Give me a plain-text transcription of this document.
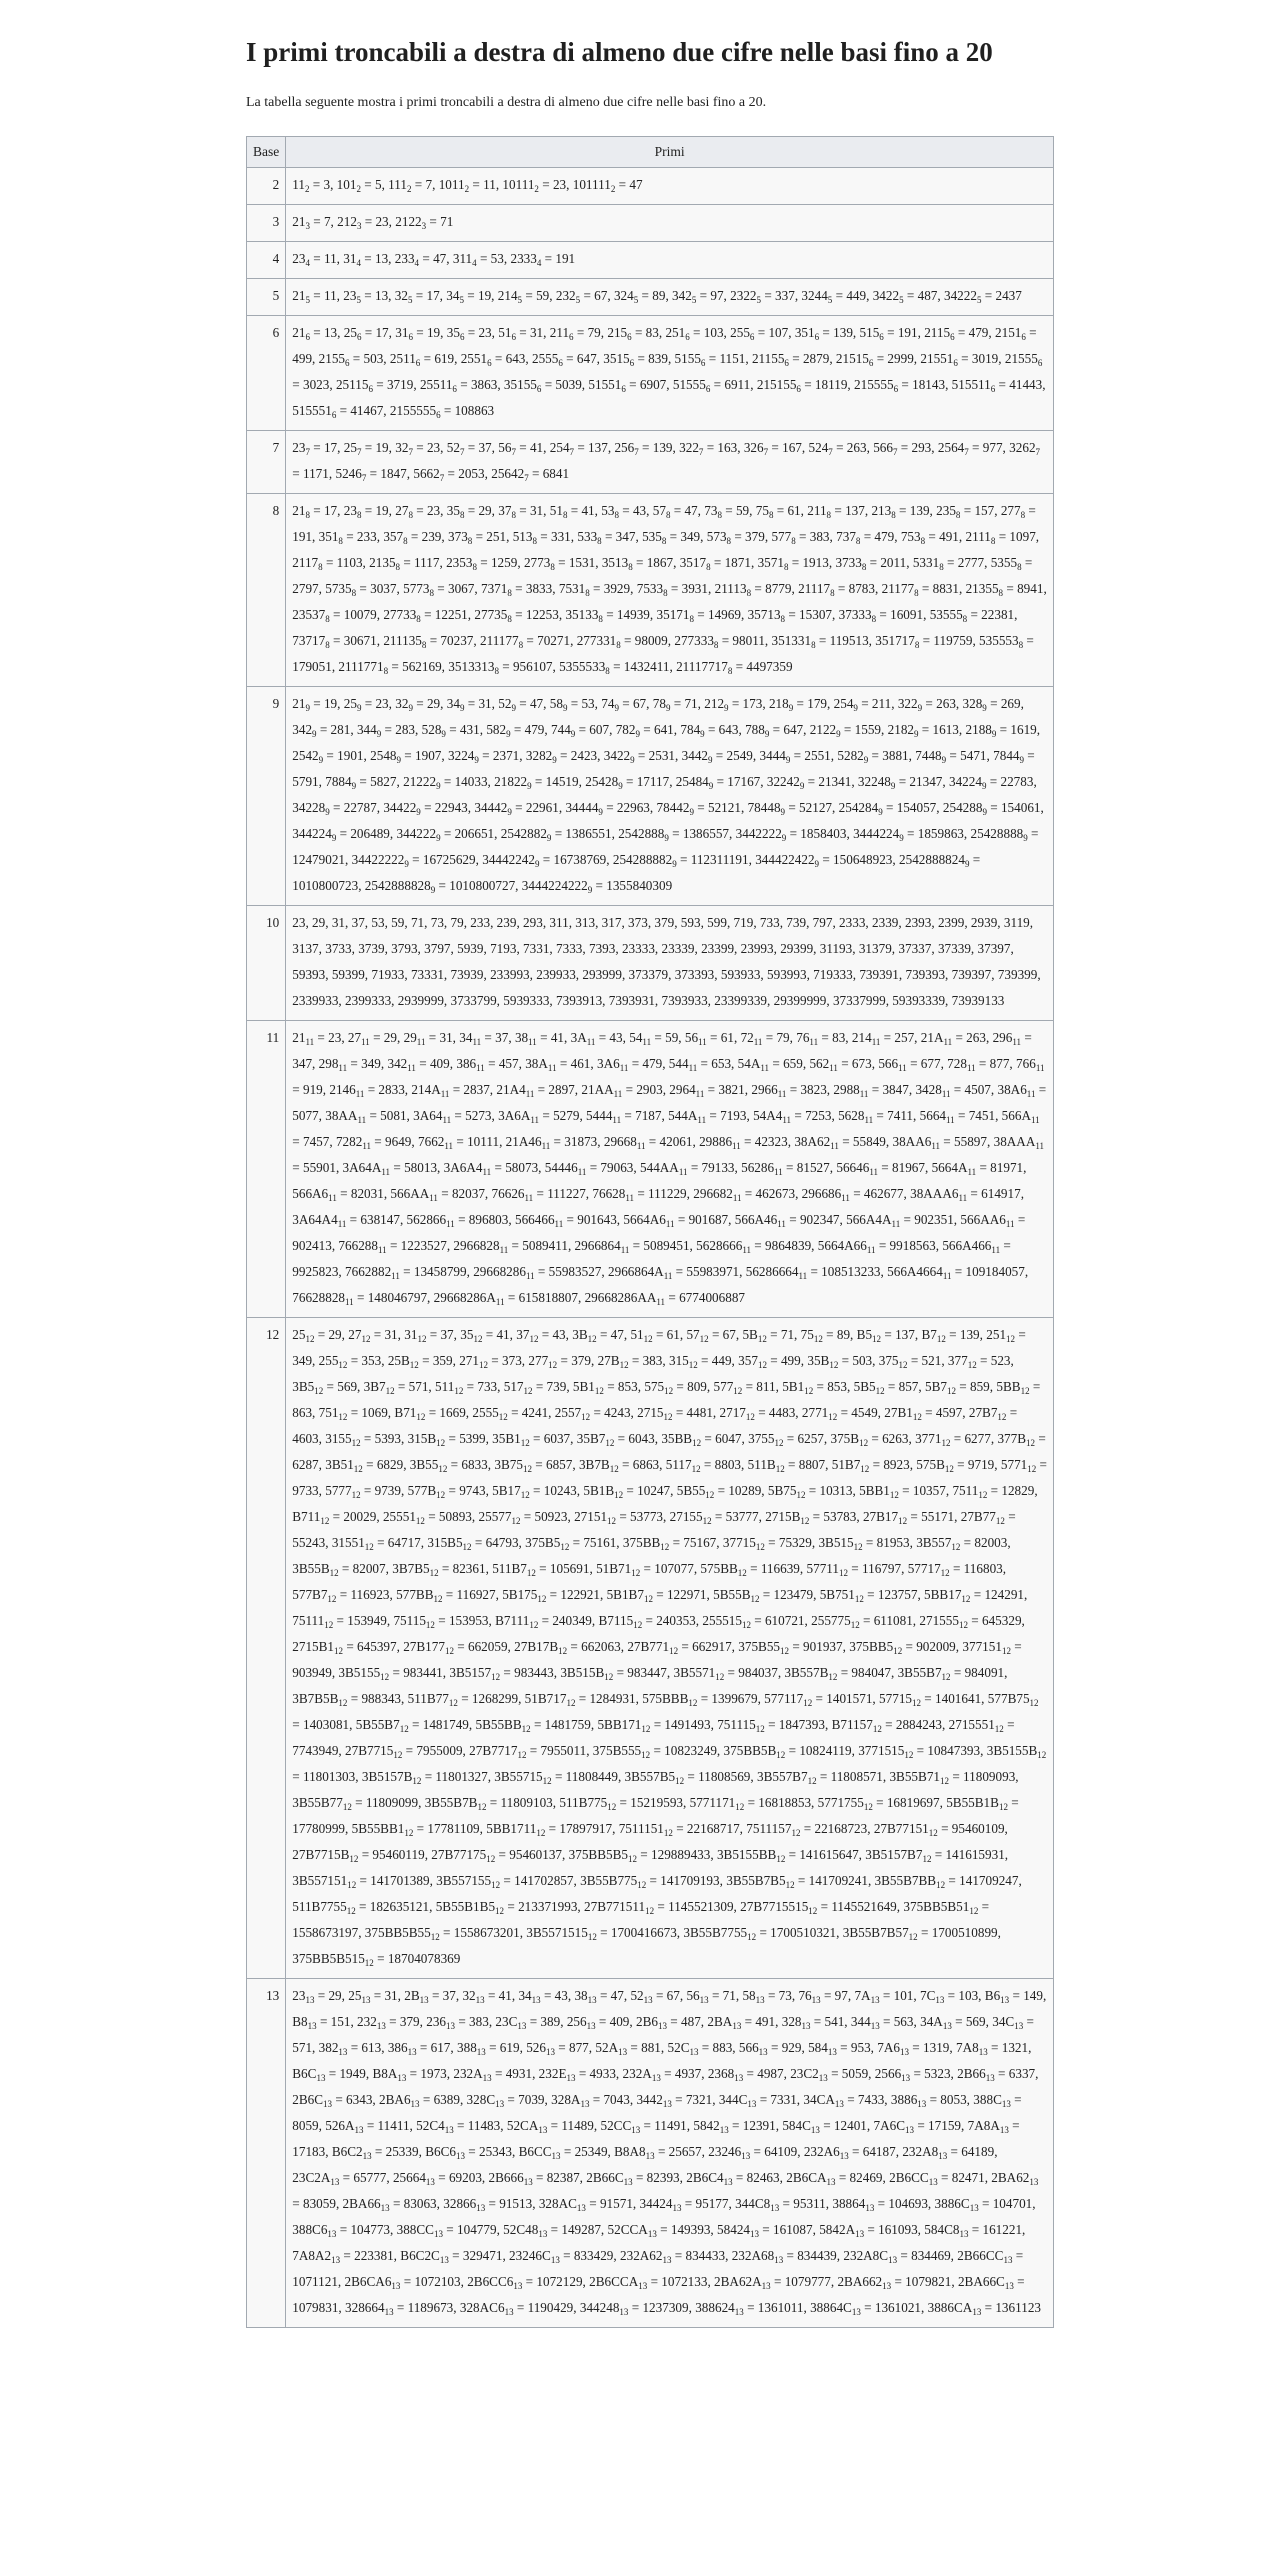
I primi troncabili a destra di almeno due cifre nelle basi fino a 20

La tabella seguente mostra i primi troncabili a destra di almeno due cifre nelle basi fino a 20.

Base	Primi
2	$11_2 = 3$, $101_2 = 5$, $111_2 = 7$, $1011_2 = 11$, $10111_2 = 23$, $101111_2 = 47$
3	$21_3 = 7$, $212_3 = 23$, $2122_3 = 71$
4	$23_4 = 11$, $31_4 = 13$, $233_4 = 47$, $311_4 = 53$, $2333_4 = 191$
5	$21_5 = 11$, $23_5 = 13$, $32_5 = 17$, $34_5 = 19$, $214_5 = 59$, $232_5 = 67$, $324_5 = 89$, $342_5 = 97$, $2322_5 = 337$, $3244_5 = 449$, $3422_5 = 487$, $34222_5 = 2437$
6	$21_6 = 13$, $25_6 = 17$, $31_6 = 19$, $35_6 = 23$, $51_6 = 31$, $211_6 = 79$, $215_6 = 83$, $251_6 = 103$, $255_6 = 107$, $351_6 = 139$, $515_6 = 191$, $2115_6 = 479$, $2151_6 = 499$, $2155_6 = 503$, $2511_6 = 619$, $2551_6 = 643$, $2555_6 = 647$, $3515_6 = 839$, $5155_6 = 1151$, $21155_6 = 2879$, $21515_6 = 2999$, $21551_6 = 3019$, $21555_6 = 3023$, $25115_6 = 3719$, $25511_6 = 3863$, $35155_6 = 5039$, $51551_6 = 6907$, $51555_6 = 6911$, $215155_6 = 18119$, $215555_6 = 18143$, $515511_6 = 41443$, $515551_6 = 41467$, $2155555_6 = 108863$
7	$23_7 = 17$, $25_7 = 19$, $32_7 = 23$, $52_7 = 37$, $56_7 = 41$, $254_7 = 137$, $256_7 = 139$, $322_7 = 163$, $326_7 = 167$, $524_7 = 263$, $566_7 = 293$, $2564_7 = 977$, $3262_7 = 1171$, $5246_7 = 1847$, $5662_7 = 2053$, $25642_7 = 6841$
8	$21_8 = 17$, $23_8 = 19$, $27_8 = 23$, $35_8 = 29$, $37_8 = 31$, $51_8 = 41$, $53_8 = 43$, $57_8 = 47$, $73_8 = 59$, $75_8 = 61$, $211_8 = 137$, $213_8 = 139$, $235_8 = 157$, $277_8 = 191$, $351_8 = 233$, $357_8 = 239$, $373_8 = 251$, $513_8 = 331$, $533_8 = 347$, $535_8 = 349$, $573_8 = 379$, $577_8 = 383$, $737_8 = 479$, $753_8 = 491$, $2111_8 = 1097$, $2117_8 = 1103$, $2135_8 = 1117$, $2353_8 = 1259$, $2773_8 = 1531$, $3513_8 = 1867$, $3517_8 = 1871$, $3571_8 = 1913$, $3733_8 = 2011$, $5331_8 = 2777$, $5355_8 = 2797$, $5735_8 = 3037$, $5773_8 = 3067$, $7371_8 = 3833$, $7531_8 = 3929$, $7533_8 = 3931$, $21113_8 = 8779$, $21117_8 = 8783$, $21177_8 = 8831$, $21355_8 = 8941$, $23537_8 = 10079$, $27733_8 = 12251$, $27735_8 = 12253$, $35133_8 = 14939$, $35171_8 = 14969$, $35713_8 = 15307$, $37333_8 = 16091$, $53555_8 = 22381$, $73717_8 = 30671$, $211135_8 = 70237$, $211177_8 = 70271$, $277331_8 = 98009$, $277333_8 = 98011$, $351331_8 = 119513$, $351717_8 = 119759$, $535553_8 = 179051$, $2111771_8 = 562169$, $3513313_8 = 956107$, $5355533_8 = 1432411$, $21117717_8 = 4497359$
9	$21_9 = 19$, $25_9 = 23$, $32_9 = 29$, $34_9 = 31$, $52_9 = 47$, $58_9 = 53$, $74_9 = 67$, $78_9 = 71$, $212_9 = 173$, $218_9 = 179$, $254_9 = 211$, $322_9 = 263$, $328_9 = 269$, $342_9 = 281$, $344_9 = 283$, $528_9 = 431$, $582_9 = 479$, $744_9 = 607$, $782_9 = 641$, $784_9 = 643$, $788_9 = 647$, $2122_9 = 1559$, $2182_9 = 1613$, $2188_9 = 1619$, $2542_9 = 1901$, $2548_9 = 1907$, $3224_9 = 2371$, $3282_9 = 2423$, $3422_9 = 2531$, $3442_9 = 2549$, $3444_9 = 2551$, $5282_9 = 3881$, $7448_9 = 5471$, $7844_9 = 5791$, $7884_9 = 5827$, $21222_9 = 14033$, $21822_9 = 14519$, $25428_9 = 17117$, $25484_9 = 17167$, $32242_9 = 21341$, $32248_9 = 21347$, $34224_9 = 22783$, $34228_9 = 22787$, $34422_9 = 22943$, $34442_9 = 22961$, $34444_9 = 22963$, $78442_9 = 52121$, $78448_9 = 52127$, $254284_9 = 154057$, $254288_9 = 154061$, $344224_9 = 206489$, $344222_9 = 206651$, $2542882_9 = 1386551$, $2542888_9 = 1386557$, $3442222_9 = 1858403$, $3444224_9 = 1859863$, $25428888_9 = 12479021$, $34422222_9 = 16725629$, $34442242_9 = 16738769$, $254288882_9 = 112311191$, $344422422_9 = 150648923$, $2542888824_9 = 1010800723$, $2542888828_9 = 1010800727$, $3444224222_9 = 1355840309$
10	23, 29, 31, 37, 53, 59, 71, 73, 79, 233, 239, 293, 311, 313, 317, 373, 379, 593, 599, 719, 733, 739, 797, 2333, 2339, 2393, 2399, 2939, 3119, 3137, 3733, 3739, 3793, 3797, 5939, 7193, 7331, 7333, 7393, 23333, 23339, 23399, 23993, 29399, 31193, 31379, 37337, 37339, 37397, 59393, 59399, 71933, 73331, 73939, 233993, 239933, 293999, 373379, 373393, 593933, 593993, 719333, 739391, 739393, 739397, 739399, 2339933, 2399333, 2939999, 3733799, 5939333, 7393913, 7393931, 7393933, 23399339, 29399999, 37337999, 59393339, 73939133
11	$21_{11} = 23$, $27_{11} = 29$, $29_{11} = 31$, $34_{11} = 37$, $38_{11} = 41$, $3A_{11} = 43$, $54_{11} = 59$, $56_{11} = 61$, $72_{11} = 79$, $76_{11} = 83$, $214_{11} = 257$, $21A_{11} = 263$, $296_{11} = 347$, $298_{11} = 349$, $342_{11} = 409$, $386_{11} = 457$, $38A_{11} = 461$, $3A6_{11} = 479$, $544_{11} = 653$, $54A_{11} = 659$, $562_{11} = 673$, $566_{11} = 677$, $728_{11} = 877$, $766_{11} = 919$, $2146_{11} = 2833$, $214A_{11} = 2837$, $21A4_{11} = 2897$, $21AA_{11} = 2903$, $2964_{11} = 3821$, $2966_{11} = 3823$, $2988_{11} = 3847$, $3428_{11} = 4507$, $38A6_{11} = 5077$, $38AA_{11} = 5081$, $3A64_{11} = 5273$, $3A6A_{11} = 5279$, $5444_{11} = 7187$, $544A_{11} = 7193$, $54A4_{11} = 7253$, $5628_{11} = 7411$, $5664_{11} = 7451$, $566A_{11} = 7457$, $7282_{11} = 9649$, $7662_{11} = 10111$, $21A46_{11} = 31873$, $29668_{11} = 42061$, $29886_{11} = 42323$, $38A62_{11} = 55849$, $38AA6_{11} = 55897$, $38AAA_{11} = 55901$, $3A64A_{11} = 58013$, $3A6A4_{11} = 58073$, $54446_{11} = 79063$, $544AA_{11} = 79133$, $56286_{11} = 81527$, $56646_{11} = 81967$, $5664A_{11} = 81971$, $566A6_{11} = 82031$, $566AA_{11} = 82037$, $76626_{11} = 111227$, $76628_{11} = 111229$, $296682_{11} = 462673$, $296686_{11} = 462677$, $38AAA6_{11} = 614917$, $3A64A4_{11} = 638147$, $562866_{11} = 896803$, $566466_{11} = 901643$, $5664A6_{11} = 901687$, $566A46_{11} = 902347$, $566A4A_{11} = 902351$, $566AA6_{11} = 902413$, $766288_{11} = 1223527$, $2966828_{11} = 5089411$, $2966864_{11} = 5089451$, $5628666_{11} = 9864839$, $5664A66_{11} = 9918563$, $566A466_{11} = 9925823$, $7662882_{11} = 13458799$, $29668286_{11} = 55983527$, $2966864A_{11} = 55983971$, $56286664_{11} = 108513233$, $566A4664_{11} = 109184057$, $76628828_{11} = 148046797$, $29668286A_{11} = 615818807$, $29668286AA_{11} = 6774006887$
12	$25_{12} = 29$, $27_{12} = 31$, $31_{12} = 37$, $35_{12} = 41$, $37_{12} = 43$, $3B_{12} = 47$, $51_{12} = 61$, $57_{12} = 67$, $5B_{12} = 71$, $75_{12} = 89$, $B5_{12} = 137$, $B7_{12} = 139$, $251_{12} = 349$, $255_{12} = 353$, $25B_{12} = 359$, $271_{12} = 373$, $277_{12} = 379$, $27B_{12} = 383$, $315_{12} = 449$, $357_{12} = 499$, $35B_{12} = 503$, $375_{12} = 521$, $377_{12} = 523$, $3B5_{12} = 569$, $3B7_{12} = 571$, $511_{12} = 733$, $517_{12} = 739$, $5B1_{12} = 853$, $575_{12} = 809$, $577_{12} = 811$, $5B1_{12} = 853$, $5B5_{12} = 857$, $5B7_{12} = 859$, $5BB_{12} = 863$, $751_{12} = 1069$, $B71_{12} = 1669$, $2555_{12} = 4241$, $2557_{12} = 4243$, $2715_{12} = 4481$, $2717_{12} = 4483$, $2771_{12} = 4549$, $27B1_{12} = 4597$, $27B7_{12} = 4603$, $3155_{12} = 5393$, $315B_{12} = 5399$, $35B1_{12} = 6037$, $35B7_{12} = 6043$, $35BB_{12} = 6047$, $3755_{12} = 6257$, $375B_{12} = 6263$, $3771_{12} = 6277$, $377B_{12} = 6287$, $3B51_{12} = 6829$, $3B55_{12} = 6833$, $3B75_{12} = 6857$, $3B7B_{12} = 6863$, $5117_{12} = 8803$, $511B_{12} = 8807$, $51B7_{12} = 8923$, $575B_{12} = 9719$, $5771_{12} = 9733$, $5777_{12} = 9739$, $577B_{12} = 9743$, $5B17_{12} = 10243$, $5B1B_{12} = 10247$, $5B55_{12} = 10289$, $5B75_{12} = 10313$, $5BB1_{12} = 10357$, $7511_{12} = 12829$, $B711_{12} = 20029$, $25551_{12} = 50893$, $25577_{12} = 50923$, $27151_{12} = 53773$, $27155_{12} = 53777$, $2715B_{12} = 53783$, $27B17_{12} = 55171$, $27B77_{12} = 55243$, $31551_{12} = 64717$, $315B5_{12} = 64793$, $375B5_{12} = 75161$, $375BB_{12} = 75167$, $37715_{12} = 75329$, $3B515_{12} = 81953$, $3B557_{12} = 82003$, $3B55B_{12} = 82007$, $3B7B5_{12} = 82361$, $511B7_{12} = 105691$, $51B71_{12} = 107077$, $575BB_{12} = 116639$, $57711_{12} = 116797$, $57717_{12} = 116803$, $577B7_{12} = 116923$, $577BB_{12} = 116927$, $5B175_{12} = 122921$, $5B1B7_{12} = 122971$, $5B55B_{12} = 123479$, $5B751_{12} = 123757$, $5BB17_{12} = 124291$, $75111_{12} = 153949$, $75115_{12} = 153953$, $B7111_{12} = 240349$, $B7115_{12} = 240353$, $255515_{12} = 610721$, $255775_{12} = 611081$, $271555_{12} = 645329$, $2715B1_{12} = 645397$, $27B177_{12} = 662059$, $27B17B_{12} = 662063$, $27B771_{12} = 662917$, $375B55_{12} = 901937$, $375BB5_{12} = 902009$, $377151_{12} = 903949$, $3B5155_{12} = 983441$, $3B5157_{12} = 983443$, $3B515B_{12} = 983447$, $3B5571_{12} = 984037$, $3B557B_{12} = 984047$, $3B55B7_{12} = 984091$, $3B7B5B_{12} = 988343$, $511B77_{12} = 1268299$, $51B717_{12} = 1284931$, $575BBB_{12} = 1399679$, $577117_{12} = 1401571$, $57715_{12} = 1401641$, $577B75_{12} = 1403081$, $5B55B7_{12} = 1481749$, $5B55BB_{12} = 1481759$, $5BB171_{12} = 1491493$, $751115_{12} = 1847393$, $B71157_{12} = 2884243$, $2715551_{12} = 7743949$, $27B7715_{12} = 7955009$, $27B7717_{12} = 7955011$, $375B555_{12} = 10823249$, $375BB5B_{12} = 10824119$, $3771515_{12} = 10847393$, $3B5155B_{12} = 11801303$, $3B5157B_{12} = 11801327$, $3B55715_{12} = 11808449$, $3B557B5_{12} = 11808569$, $3B557B7_{12} = 11808571$, $3B55B71_{12} = 11809093$, $3B55B77_{12} = 11809099$, $3B55B7B_{12} = 11809103$, $511B775_{12} = 15219593$, $5771171_{12} = 16818853$, $5771755_{12} = 16819697$, $5B55B1B_{12} = 17780999$, $5B55BB1_{12} = 17781109$, $5BB1711_{12} = 17897917$, $7511151_{12} = 22168717$, $7511157_{12} = 22168723$, $27B77151_{12} = 95460109$, $27B7715B_{12} = 95460119$, $27B77175_{12} = 95460137$, $375BB5B5_{12} = 129889433$, $3B5155BB_{12} = 141615647$, $3B5157B7_{12} = 141615931$, $3B557151_{12} = 141701389$, $3B557155_{12} = 141702857$, $3B55B775_{12} = 141709193$, $3B55B7B5_{12} = 141709241$, $3B55B7BB_{12} = 141709247$, $511B7755_{12} = 182635121$, $5B55B1B5_{12} = 213371993$, $27B771511_{12} = 1145521309$, $27B7715515_{12} = 1145521649$, $375BB5B51_{12} = 1558673197$, $375BB5B55_{12} = 1558673201$, $3B5571515_{12} = 1700416673$, $3B55B7755_{12} = 1700510321$, $3B55B7B57_{12} = 1700510899$, $375BB5B515_{12} = 18704078369$
13	$23_{13} = 29$, $25_{13} = 31$, $2B_{13} = 37$, $32_{13} = 41$, $34_{13} = 43$, $38_{13} = 47$, $52_{13} = 67$, $56_{13} = 71$, $58_{13} = 73$, $76_{13} = 97$, $7A_{13} = 101$, $7C_{13} = 103$, $B6_{13} = 149$, $B8_{13} = 151$, $232_{13} = 379$, $236_{13} = 383$, $23C_{13} = 389$, $256_{13} = 409$, $2B6_{13} = 487$, $2BA_{13} = 491$, $328_{13} = 541$, $344_{13} = 563$, $34A_{13} = 569$, $34C_{13} = 571$, $382_{13} = 613$, $386_{13} = 617$, $388_{13} = 619$, $526_{13} = 877$, $52A_{13} = 881$, $52C_{13} = 883$, $566_{13} = 929$, $584_{13} = 953$, $7A6_{13} = 1319$, $7A8_{13} = 1321$, $B6C_{13} = 1949$, $B8A_{13} = 1973$, $232A_{13} = 4931$, $232E_{13} = 4933$, $232A_{13} = 4937$, $2368_{13} = 4987$, $23C2_{13} = 5059$, $2566_{13} = 5323$, $2B66_{13} = 6337$, $2B6C_{13} = 6343$, $2BA6_{13} = 6389$, $328C_{13} = 7039$, $328A_{13} = 7043$, $3442_{13} = 7321$, $344C_{13} = 7331$, $34CA_{13} = 7433$, $3886_{13} = 8053$, $388C_{13} = 8059$, $526A_{13} = 11411$, $52C4_{13} = 11483$, $52CA_{13} = 11489$, $52CC_{13} = 11491$, $5842_{13} = 12391$, $584C_{13} = 12401$, $7A6C_{13} = 17159$, $7A8A_{13} = 17183$, $B6C2_{13} = 25339$, $B6C6_{13} = 25343$, $B6CC_{13} = 25349$, $B8A8_{13} = 25657$, $23246_{13} = 64109$, $232A6_{13} = 64187$, $232A8_{13} = 64189$, $23C2A_{13} = 65777$, $25664_{13} = 69203$, $2B666_{13} = 82387$, $2B66C_{13} = 82393$, $2B6C4_{13} = 82463$, $2B6CA_{13} = 82469$, $2B6CC_{13} = 82471$, $2BA62_{13} = 83059$, $2BA66_{13} = 83063$, $32866_{13} = 91513$, $328AC_{13} = 91571$, $34424_{13} = 95177$, $344C8_{13} = 95311$, $38864_{13} = 104693$, $3886C_{13} = 104701$, $388C6_{13} = 104773$, $388CC_{13} = 104779$, $52C48_{13} = 149287$, $52CCA_{13} = 149393$, $58424_{13} = 161087$, $5842A_{13} = 161093$, $584C8_{13} = 161221$, $7A8A2_{13} = 223381$, $B6C2C_{13} = 329471$, $23246C_{13} = 833429$, $232A62_{13} = 834433$, $232A68_{13} = 834439$, $232A8C_{13} = 834469$, $2B66CC_{13} = 1071121$, $2B6CA6_{13} = 1072103$, $2B6CC6_{13} = 1072129$, $2B6CCA_{13} = 1072133$, $2BA62A_{13} = 1079777$, $2BA662_{13} = 1079821$, $2BA66C_{13} = 1079831$, $328664_{13} = 1189673$, $328AC6_{13} = 1190429$, $344248_{13} = 1237309$, $388624_{13} = 1361011$, $38864C_{13} = 1361021$, $3886CA_{13} = 1361123$
